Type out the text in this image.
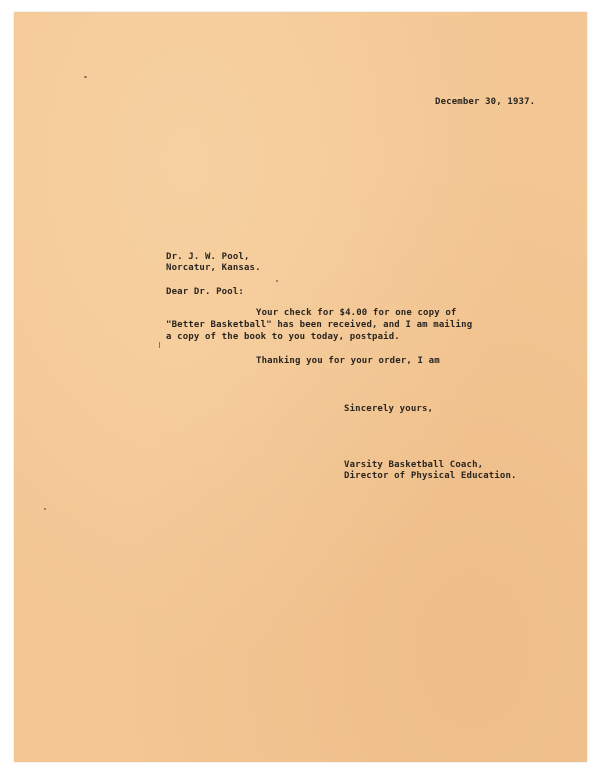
December 30, 1937.

Dr. J. W. Pool,

Norcatur, Kansas.

Dear Dr. Pool:

Your check for $4.00 for one copy of

"Better Basketball" has been received, and I am mailing

a copy of the book to you today, postpaid.

Thanking you for your order, I am

Sincerely yours,

Varsity Basketball Coach,

Director of Physical Education.
